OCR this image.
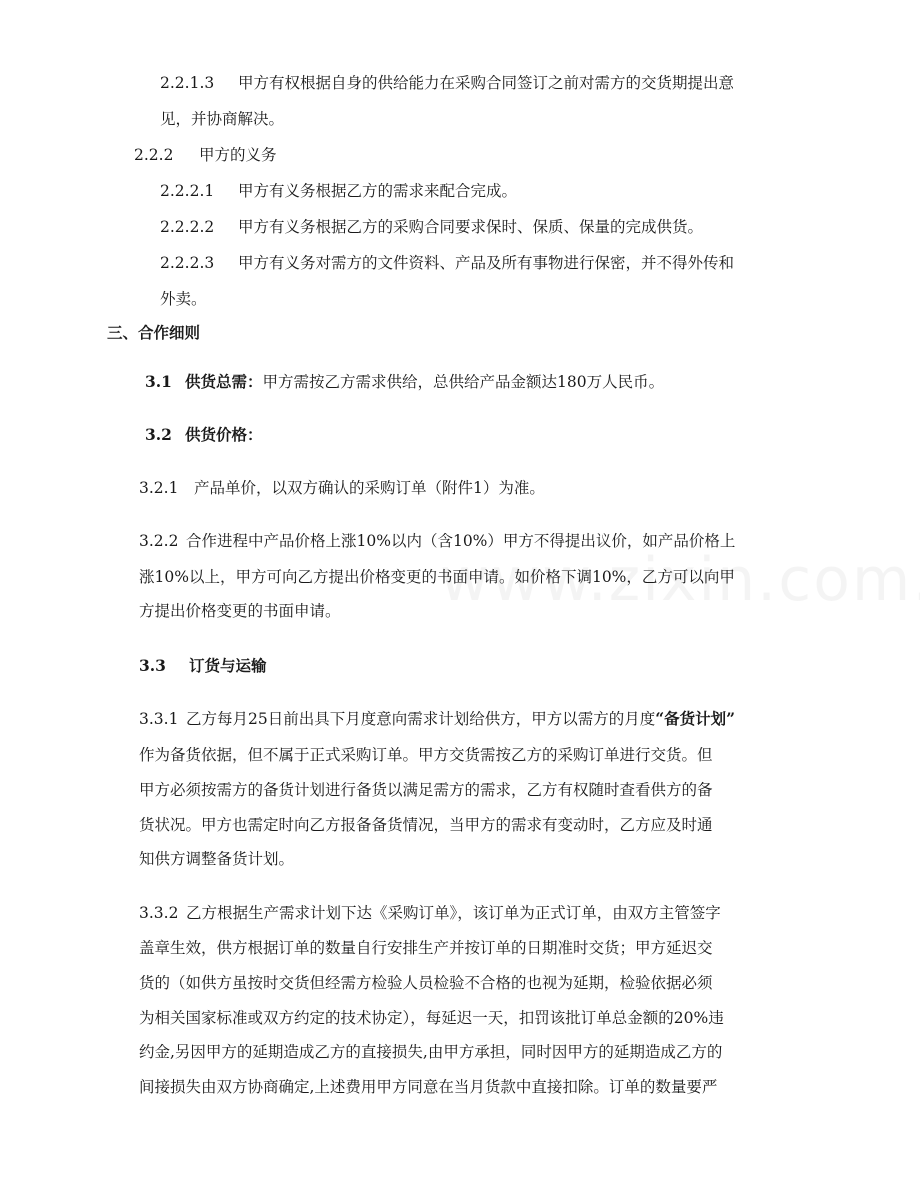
2.2.1.3 甲方有权根据自身的供给能力在采购合同签订之前对需方的交货期提出意
见，并协商解决。
2.2.2 甲方的义务
2.2.2.1 甲方有义务根据乙方的需求来配合完成。
2.2.2.2 甲方有义务根据乙方的采购合同要求保时、保质、保量的完成供货。
2.2.2.3 甲方有义务对需方的文件资料、产品及所有事物进行保密，并不得外传和
外卖。
三、合作细则
3.1 供货总需：甲方需按乙方需求供给，总供给产品金额达180万人民币。
3.2 供货价格：
3.2.1 产品单价，以双方确认的采购订单（附件1）为准。
3.2.2 合作进程中产品价格上涨10%以内（含10%）甲方不得提出议价，如产品价格上
涨10%以上，甲方可向乙方提出价格变更的书面申请。如价格下调10%，乙方可以向甲
方提出价格变更的书面申请。
3.3 订货与运输
3.3.1 乙方每月25日前出具下月度意向需求计划给供方，甲方以需方的月度“备货计划”
作为备货依据，但不属于正式采购订单。甲方交货需按乙方的采购订单进行交货。但
甲方必须按需方的备货计划进行备货以满足需方的需求，乙方有权随时查看供方的备
货状况。甲方也需定时向乙方报备备货情况，当甲方的需求有变动时，乙方应及时通
知供方调整备货计划。
3.3.2 乙方根据生产需求计划下达《采购订单》，该订单为正式订单，由双方主管签字
盖章生效，供方根据订单的数量自行安排生产并按订单的日期准时交货；甲方延迟交
货的（如供方虽按时交货但经需方检验人员检验不合格的也视为延期，检验依据必须
为相关国家标准或双方约定的技术协定），每延迟一天，扣罚该批订单总金额的20%违
约金,另因甲方的延期造成乙方的直接损失,由甲方承担，同时因甲方的延期造成乙方的
间接损失由双方协商确定,上述费用甲方同意在当月货款中直接扣除。订单的数量要严
